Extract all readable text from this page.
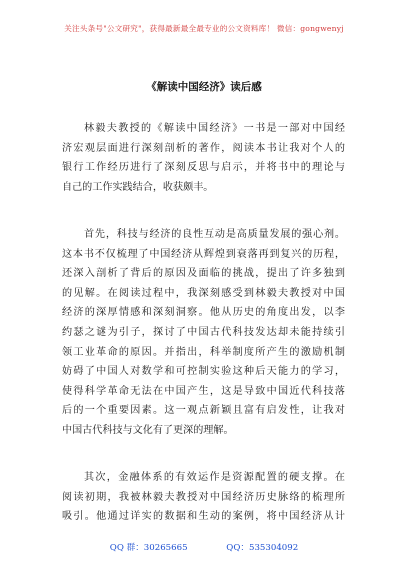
关注头条号"公文研究"，获得最新最全最专业的公文资料库！ 微信：gongwenyj
《解读中国经济》读后感
林毅夫教授的《解读中国经济》一书是一部对中国经
济宏观层面进行深刻剖析的著作，阅读本书让我对个人的
银行工作经历进行了深刻反思与启示，并将书中的理论与
自己的工作实践结合，收获颇丰。
首先，科技与经济的良性互动是高质量发展的强心剂。
这本书不仅梳理了中国经济从辉煌到衰落再到复兴的历程，
还深入剖析了背后的原因及面临的挑战，提出了许多独到
的见解。在阅读过程中，我深刻感受到林毅夫教授对中国
经济的深厚情感和深刻洞察。他从历史的角度出发，以李
约瑟之谜为引子，探讨了中国古代科技发达却未能持续引
领工业革命的原因。并指出，科举制度所产生的激励机制
妨碍了中国人对数学和可控制实验这种后天能力的学习，
使得科学革命无法在中国产生，这是导致中国近代科技落
后的一个重要因素。这一观点新颖且富有启发性，让我对
中国古代科技与文化有了更深的理解。
其次，金融体系的有效运作是资源配置的硬支撑。在
阅读初期，我被林毅夫教授对中国经济历史脉络的梳理所
吸引。他通过详实的数据和生动的案例，将中国经济从计
QQ 群：30265665	QQ：535304092
